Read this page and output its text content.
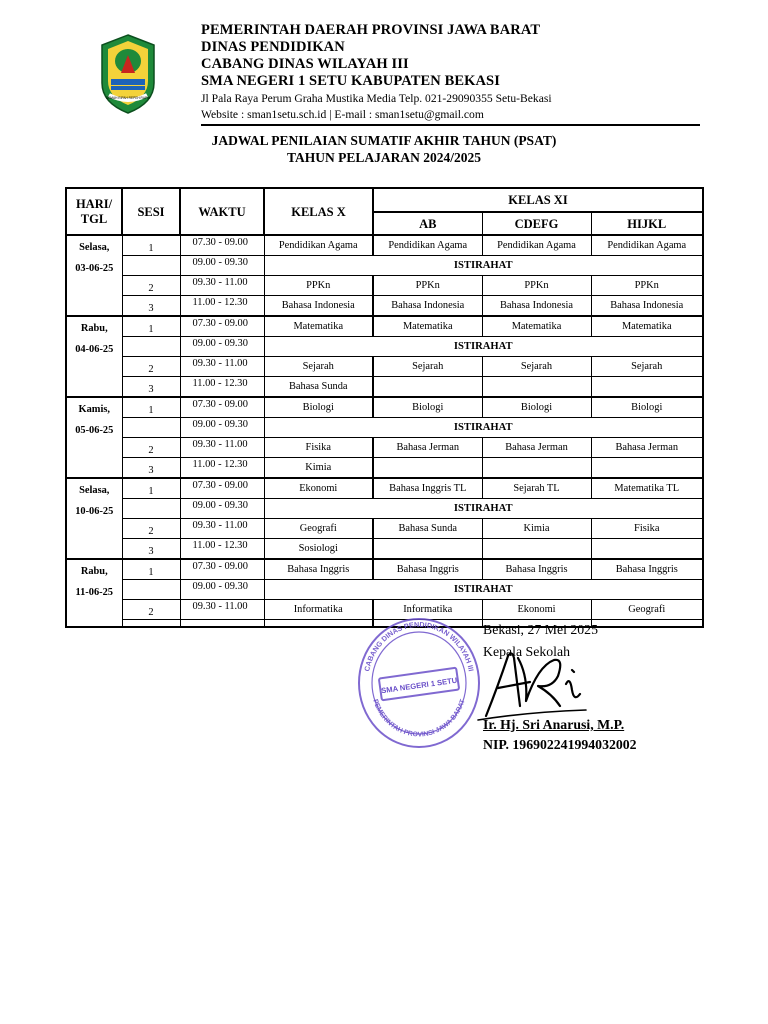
GEMAH RIPAH REPEH RAPIH
PEMERINTAH DAERAH PROVINSI JAWA BARAT
DINAS PENDIDIKAN
CABANG DINAS WILAYAH III
SMA NEGERI 1 SETU KABUPATEN BEKASI
Jl Pala Raya Perum Graha Mustika Media Telp. 021-29090355 Setu-Bekasi
Website : sman1setu.sch.id | E-mail : sman1setu@gmail.com
JADWAL PENILAIAN SUMATIF AKHIR TAHUN (PSAT)
TAHUN PELAJARAN 2024/2025
HARI/
TGL	SESI	WAKTU	KELAS X	KELAS XI		
				AB	CDEFG	HIJKL

Selasa,
03-06-25	1	07.30 - 09.00	Pendidikan Agama	Pendidikan Agama	Pendidikan Agama	Pendidikan Agama
		09.00 - 09.30	ISTIRAHAT			
	2	09.30 - 11.00	PPKn	PPKn	PPKn	PPKn
	3	11.00 - 12.30	Bahasa Indonesia	Bahasa Indonesia	Bahasa Indonesia	Bahasa Indonesia

Rabu,
04-06-25	1	07.30 - 09.00	Matematika	Matematika	Matematika	Matematika
		09.00 - 09.30	ISTIRAHAT			
	2	09.30 - 11.00	Sejarah	Sejarah	Sejarah	Sejarah
	3	11.00 - 12.30	Bahasa Sunda			

Kamis,
05-06-25	1	07.30 - 09.00	Biologi	Biologi	Biologi	Biologi
		09.00 - 09.30	ISTIRAHAT			
	2	09.30 - 11.00	Fisika	Bahasa Jerman	Bahasa Jerman	Bahasa Jerman
	3	11.00 - 12.30	Kimia			

Selasa,
10-06-25	1	07.30 - 09.00	Ekonomi	Bahasa Inggris TL	Sejarah TL	Matematika TL
		09.00 - 09.30	ISTIRAHAT			
	2	09.30 - 11.00	Geografi	Bahasa Sunda	Kimia	Fisika
	3	11.00 - 12.30	Sosiologi			

Rabu,
11-06-25	1	07.30 - 09.00	Bahasa Inggris	Bahasa Inggris	Bahasa Inggris	Bahasa Inggris
		09.00 - 09.30	ISTIRAHAT			
	2	09.30 - 11.00	Informatika	Informatika	Ekonomi	Geografi

CABANG DINAS PENDIDIKAN WILAYAH III
PEMERINTAH PROVINSI JAWA BARAT
SMA NEGERI 1 SETU
Bekasi, 27 Mei 2025
Kepala Sekolah
Ir. Hj. Sri Anarusi, M.P.
NIP. 196902241994032002
